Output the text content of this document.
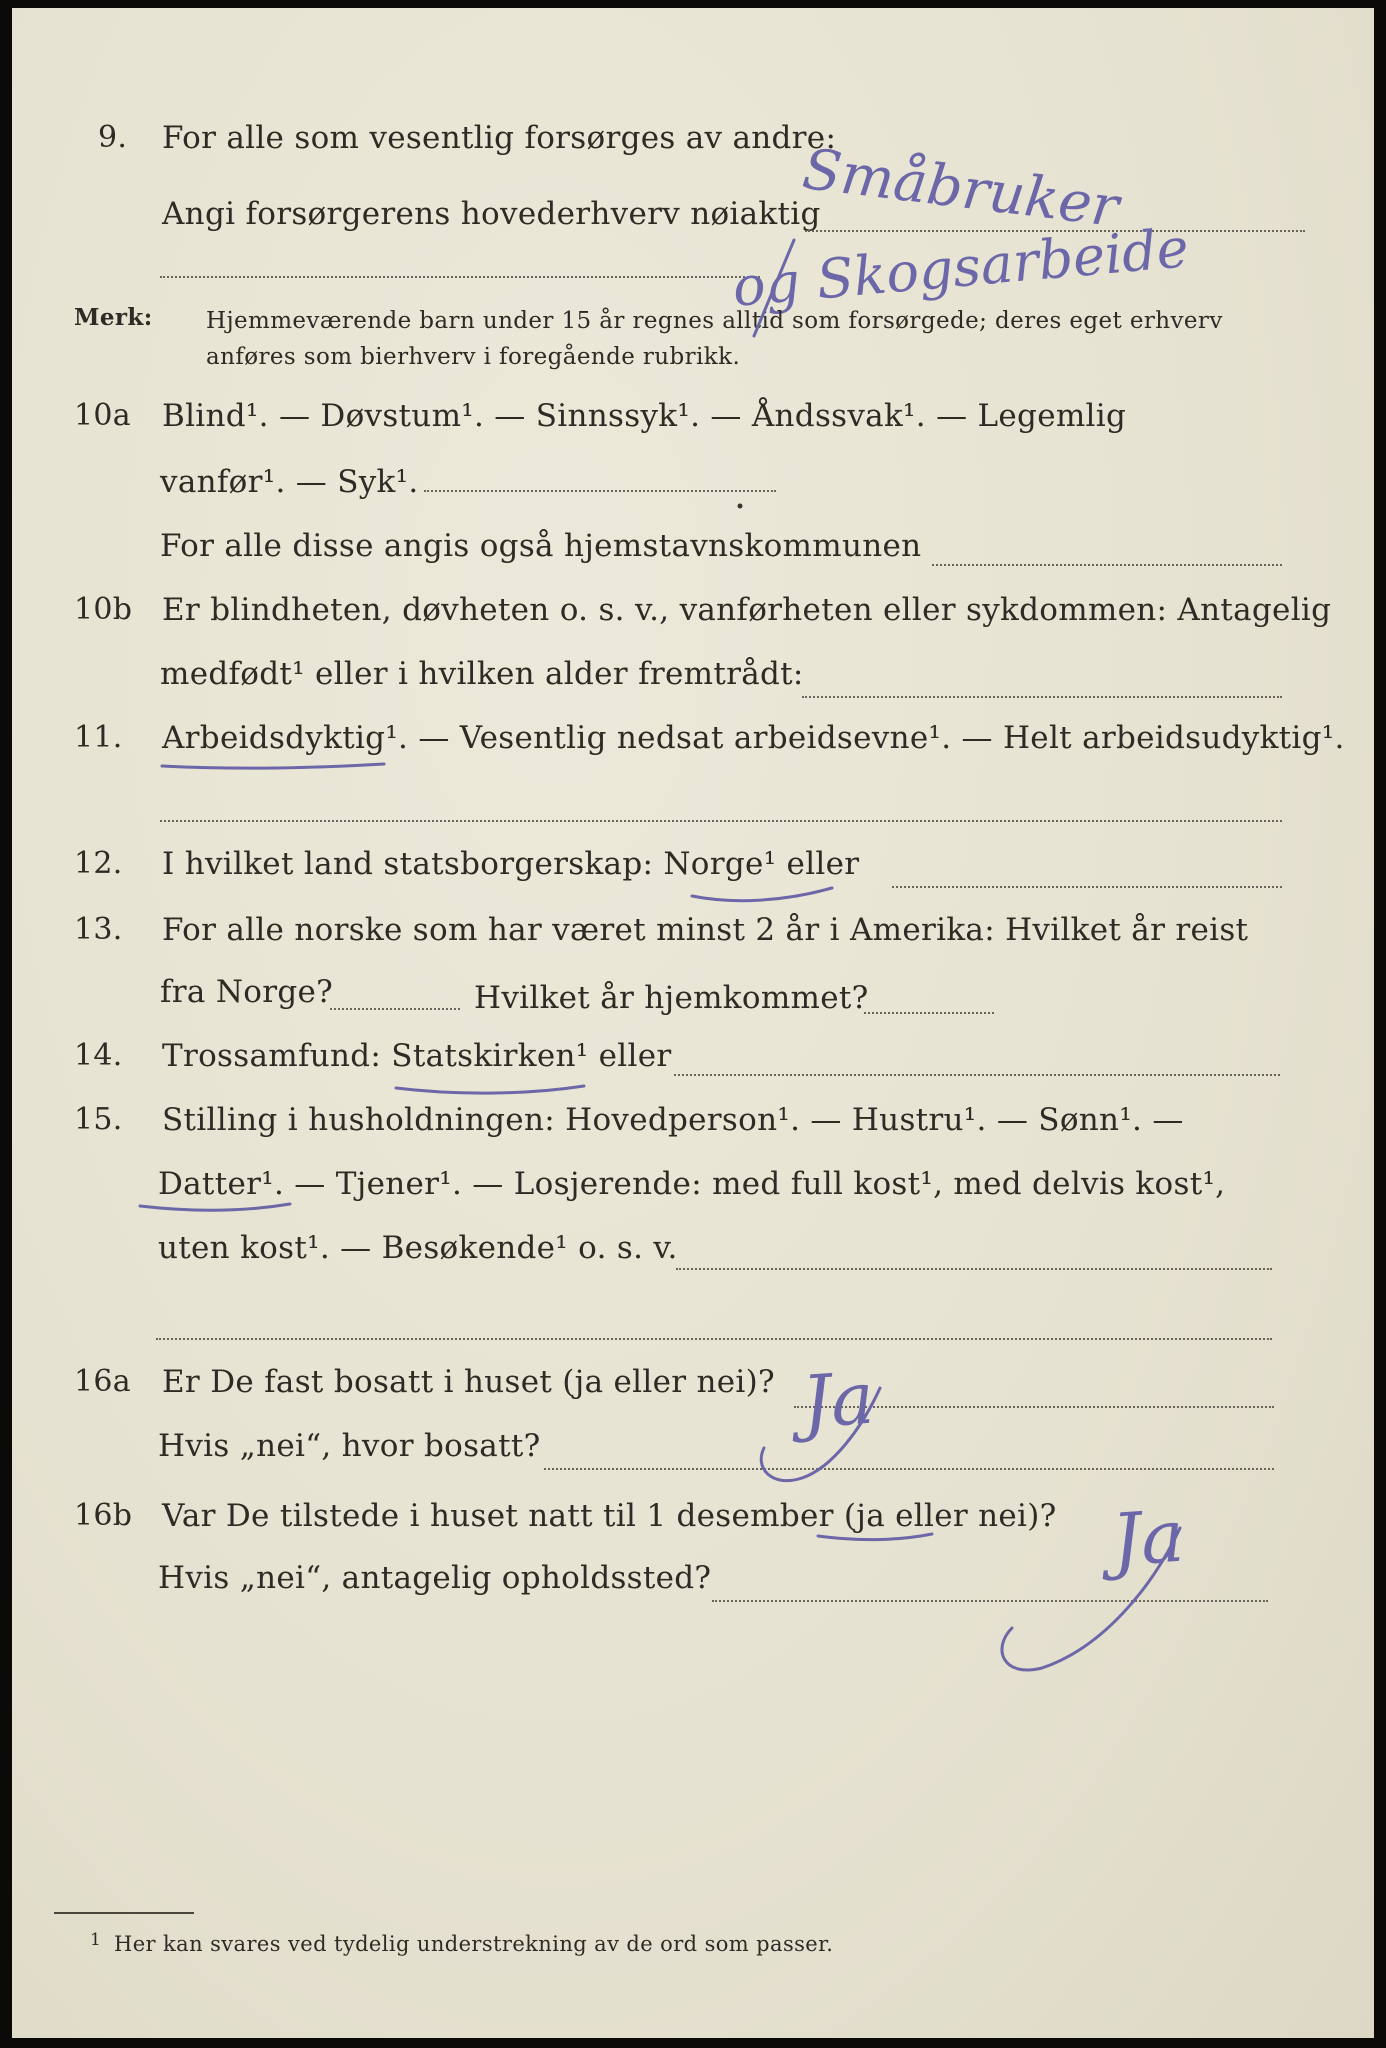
9. For alle som vesentlig forsørges av andre:
Angi forsørgerens hovederhverv nøiaktig
Småbruker
og Skogsarbeide
Merk: Hjemmeværende barn under 15 år regnes alltid som forsørgede; deres eget erhverv
anføres som bierhverv i foregående rubrikk.
10a Blind¹. — Døvstum¹. — Sinnssyk¹. — Åndssvak¹. — Legemlig
vanfør¹. — Syk¹.
For alle disse angis også hjemstavnskommunen
10b Er blindheten, døvheten o. s. v., vanførheten eller sykdommen: Antagelig
medfødt¹ eller i hvilken alder fremtrådt:
11. Arbeidsdyktig¹. — Vesentlig nedsat arbeidsevne¹. — Helt arbeidsudyktig¹.
12. I hvilket land statsborgerskap: Norge¹ eller
13. For alle norske som har været minst 2 år i Amerika: Hvilket år reist
fra Norge?	Hvilket år hjemkommet?
14. Trossamfund: Statskirken¹ eller
15. Stilling i husholdningen: Hovedperson¹. — Hustru¹. — Sønn¹. —
Datter¹. — Tjener¹. — Losjerende: med full kost¹, med delvis kost¹,
uten kost¹. — Besøkende¹ o. s. v.
16a Er De fast bosatt i huset (ja eller nei)?
Hvis „nei“, hvor bosatt?
Ja
16b Var De tilstede i huset natt til 1 desember (ja eller nei)?
Hvis „nei“, antagelig opholdssted?	Ja
1 Her kan svares ved tydelig understrekning av de ord som passer.
